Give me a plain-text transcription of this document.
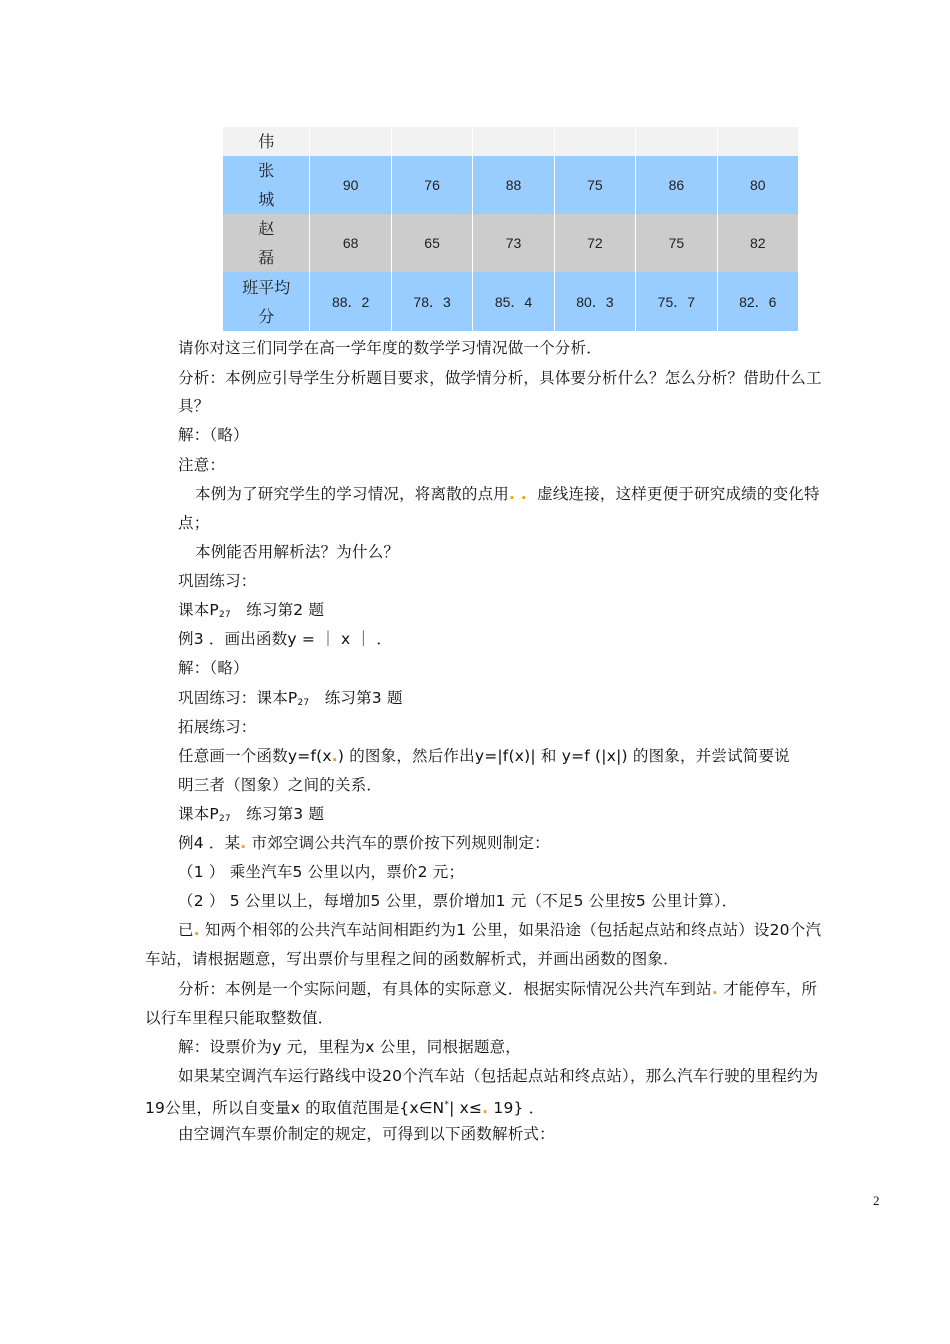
伟						

张
城	90	76	88	75	86	80

赵
磊	68	65	73	72	75	82

班平均
分	88．2	78．3	85．4	80．3	75．7	82．6
请你对这三们同学在高一学年度的数学学习情况做一个分析．
分析：本例应引导学生分析题目要求，做学情分析，具体要分析什么？怎么分析？借助什么工
具？
解：（略）
注意：
本例为了研究学生的学习情况，将离散的点用. . 虚线连接，这样更便于研究成绩的变化特
点；
本例能否用解析法？为什么？
巩固练习：
课本$P_{27}$ 练习第2 题
例3 ．画出函数y = ｜ x ｜ ．
解：（略）
巩固练习：课本$P_{27}$ 练习第3 题
拓展练习：
任意画一个函数y=f(x.) 的图象，然后作出y=|f(x)| 和 y=f (|x|) 的图象，并尝试简要说
明三者（图象）之间的关系．
课本$P_{27}$ 练习第3 题
例4 ．某. 市郊空调公共汽车的票价按下列规则制定：
（1 ） 乘坐汽车5 公里以内，票价2 元；
（2 ） 5 公里以上，每增加5 公里，票价增加1 元（不足5 公里按5 公里计算）．
已. 知两个相邻的公共汽车站间相距约为1 公里，如果沿途（包括起点站和终点站）设20个汽
车站，请根据题意，写出票价与里程之间的函数解析式，并画出函数的图象．
分析：本例是一个实际问题，有具体的实际意义．根据实际情况公共汽车到站. 才能停车，所
以行车里程只能取整数值．
解：设票价为y 元，里程为x 公里，同根据题意，
如果某空调汽车运行路线中设20个汽车站（包括起点站和终点站），那么汽车行驶的里程约为
19公里，所以自变量x 的取值范围是{x∈N*| x≤. 19} ．
由空调汽车票价制定的规定，可得到以下函数解析式：
2
